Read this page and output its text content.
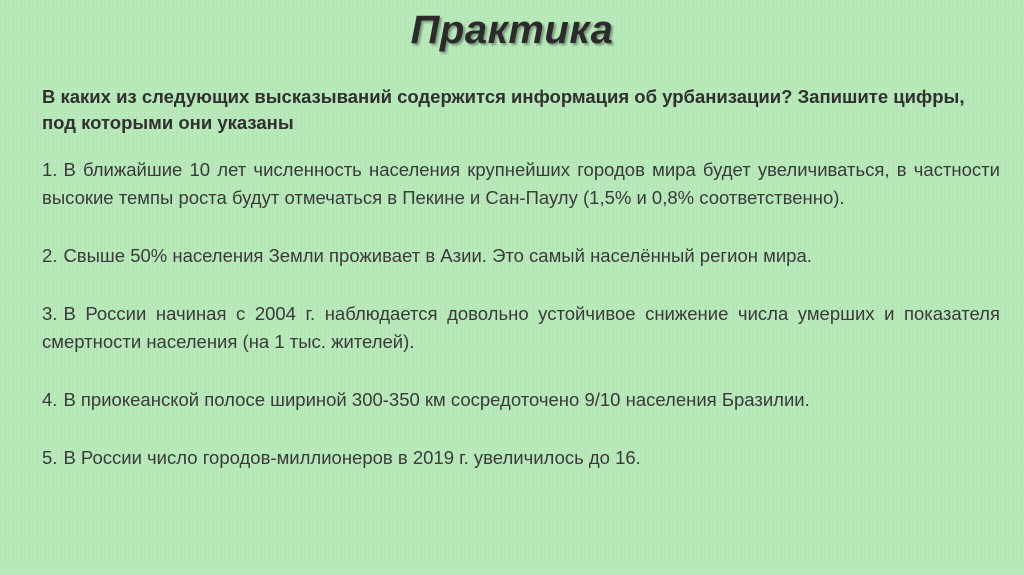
Практика

В каких из следующих высказываний содержится информация об урбанизации? Запишите цифры, под которыми они указаны

1. В ближайшие 10 лет численность населения крупнейших городов мира будет увеличиваться, в частности высокие темпы роста будут отмечаться в Пекине и Сан-Паулу (1,5% и 0,8% соответственно).

2. Свыше 50% населения Земли проживает в Азии. Это самый населённый регион мира.

3. В России начиная с 2004 г. наблюдается довольно устойчивое снижение числа умерших и показателя смертности населения (на 1 тыс. жителей).

4. В приокеанской полосе шириной 300-350 км сосредоточено 9/10 населения Бразилии.

5. В России число городов-миллионеров в 2019 г. увеличилось до 16.
